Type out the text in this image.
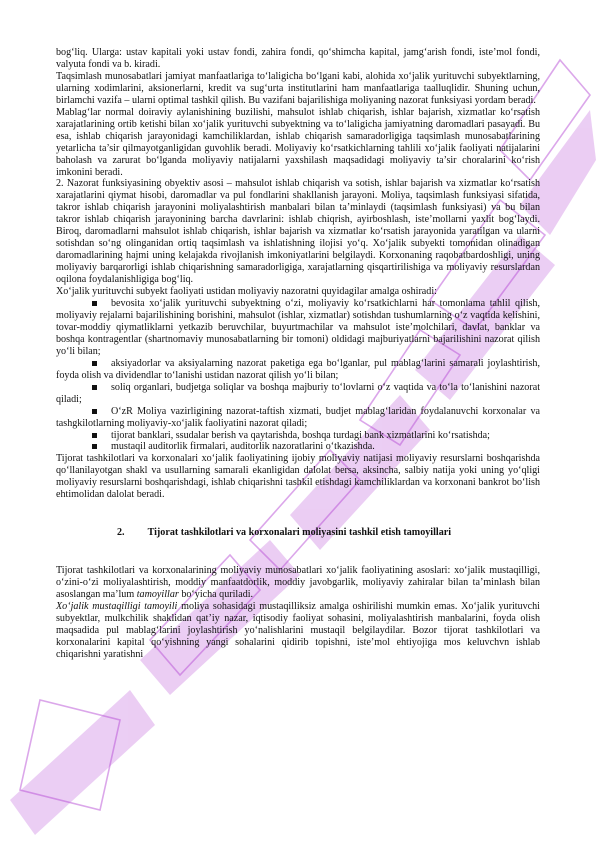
bog‘liq. Ularga: ustav kapitali yoki ustav fondi, zahira fondi, qo‘shimcha kapital, jamg‘arish fondi, iste’mol fondi, valyuta fondi va b. kiradi.

Taqsimlash munosabatlari jamiyat manfaatlariga to‘laligicha bo‘lgani kabi, alohida xo‘jalik yurituvchi subyektlarning, ularning xodimlarini, aksionerlarni, kredit va sug‘urta institutlarini ham manfaatlariga taalluqlidir. Shuning uchun, birlamchi vazifa – ularni optimal tashkil qilish. Bu vazifani bajarilishiga moliyaning nazorat funksiyasi yordam beradi.

Mablag‘lar normal doiraviy aylanishining buzilishi, mahsulot ishlab chiqarish, ishlar bajarish, xizmatlar ko‘rsatish xarajatlarining ortib ketishi bilan xo‘jalik yurituvchi subyektning va to‘laligicha jamiyatning daromadlari pasayadi. Bu esa, ishlab chiqarish jarayonidagi kamchiliklardan, ishlab chiqarish samaradorligiga taqsimlash munosabatlarining yetarlicha ta’sir qilmayotganligidan guvohlik beradi. Moliyaviy ko‘rsatkichlarning tahlili xo‘jalik faoliyati natijalarini baholash va zarurat bo‘lganda moliyaviy natijalarni yaxshilash maqsadidagi moliyaviy ta’sir choralarini ko‘rish imkonini beradi.

2. Nazorat funksiyasining obyektiv asosi – mahsulot ishlab chiqarish va sotish, ishlar bajarish va xizmatlar ko‘rsatish xarajatlarini qiymat hisobi, daromadlar va pul fondlarini shakllanish jarayoni. Moliya, taqsimlash funksiyasi sifatida, takror ishlab chiqarish jarayonini moliyalashtirish manbalari bilan ta’minlaydi (taqsimlash funksiyasi) va bu bilan takror ishlab chiqarish jarayonining barcha davrlarini: ishlab chiqrish, ayirboshlash, iste’mollarni yaxlit bog‘laydi. Biroq, daromadlarni mahsulot ishlab chiqarish, ishlar bajarish va xizmatlar ko‘rsatish jarayonida yaratilgan va ularni sotishdan so‘ng olinganidan ortiq taqsimlash va ishlatishning ilojisi yo‘q. Xo‘jalik subyekti tomonidan olinadigan daromadlarining hajmi uning kelajakda rivojlanish imkoniyatlarini belgilaydi. Korxonaning raqobatbardoshligi, uning moliyaviy barqarorligi ishlab chiqarishning samaradorligiga, xarajatlarning qisqartirilishiga va moliyaviy resurslardan oqilona foydalanishligiga bog‘liq.

Xo‘jalik yurituvchi subyekt faoliyati ustidan moliyaviy nazoratni quyidagilar amalga oshiradi:

bevosita xo‘jalik yurituvchi subyektning o‘zi, moliyaviy ko‘rsatkichlarni har tomonlama tahlil qilish, moliyaviy rejalarni bajarilishining borishini, mahsulot (ishlar, xizmatlar) sotishdan tushumlarning o‘z vaqtida kelishini, tovar-moddiy qiymatliklarni yetkazib beruvchilar, buyurtmachilar va mahsulot iste’molchilari, davlat, banklar va boshqa kontragentlar (shartnomaviy munosabatlarning bir tomoni) oldidagi majburiyatlarni bajarilishini nazorat qilish yo‘li bilan;

aksiyadorlar va aksiyalarning nazorat paketiga ega bo‘lganlar, pul mablag‘larini samarali joylashtirish, foyda olish va dividendlar to‘lanishi ustidan nazorat qilish yo‘li bilan;

soliq organlari, budjetga soliqlar va boshqa majburiy to‘lovlarni o‘z vaqtida va to‘la to‘lanishini nazorat qiladi;

O‘zR Moliya vazirligining nazorat-taftish xizmati, budjet mablag‘laridan foydalanuvchi korxonalar va tashgkilotlarning moliyaviy-xo‘jalik faoliyatini nazorat qiladi;

tijorat banklari, ssudalar berish va qaytarishda, boshqa turdagi bank xizmatlarini ko‘rsatishda;

mustaqil auditorlik firmalari, auditorlik nazoratlarini o‘tkazishda.

Tijorat tashkilotlari va korxonalari xo‘jalik faoliyatining ijobiy moliyaviy natijasi moliyaviy resurslarni boshqarishda qo‘llanilayotgan shakl va usullarning samarali ekanligidan dalolat bersa, aksincha, salbiy natija yoki uning yo‘qligi moliyaviy resurslarni boshqarishdagi, ishlab chiqarishni tashkil etishdagi kamchiliklardan va korxonani bankrot bo‘lish ehtimolidan dalolat beradi.

2. Tijorat tashkilotlari va korxonalari moliyasini tashkil etish tamoyillari

Tijorat tashkilotlari va korxonalarining moliyaviy munosabatlari xo‘jalik faoliyatining asoslari: xo‘jalik mustaqilligi, o‘zini-o‘zi moliyalashtirish, moddiy manfaatdorlik, moddiy javobgarlik, moliyaviy zahiralar bilan ta’minlash bilan asoslangan ma’lum tamoyillar bo‘yicha quriladi.

Xo‘jalik mustaqilligi tamoyili moliya sohasidagi mustaqilliksiz amalga oshirilishi mumkin emas. Xo‘jalik yurituvchi subyektlar, mulkchilik shaklidan qat’iy nazar, iqtisodiy faoliyat sohasini, moliyalashtirish manbalarini, foyda olish maqsadida pul mablag‘larini joylashtirish yo‘nalishlarini mustaqil belgilaydilar. Bozor tijorat tashkilotlari va korxonalarini kapital qo‘yishning yangi sohalarini qidirib topishni, iste’mol ehtiyojiga mos keluvchvn ishlab chiqarishni yaratishni
